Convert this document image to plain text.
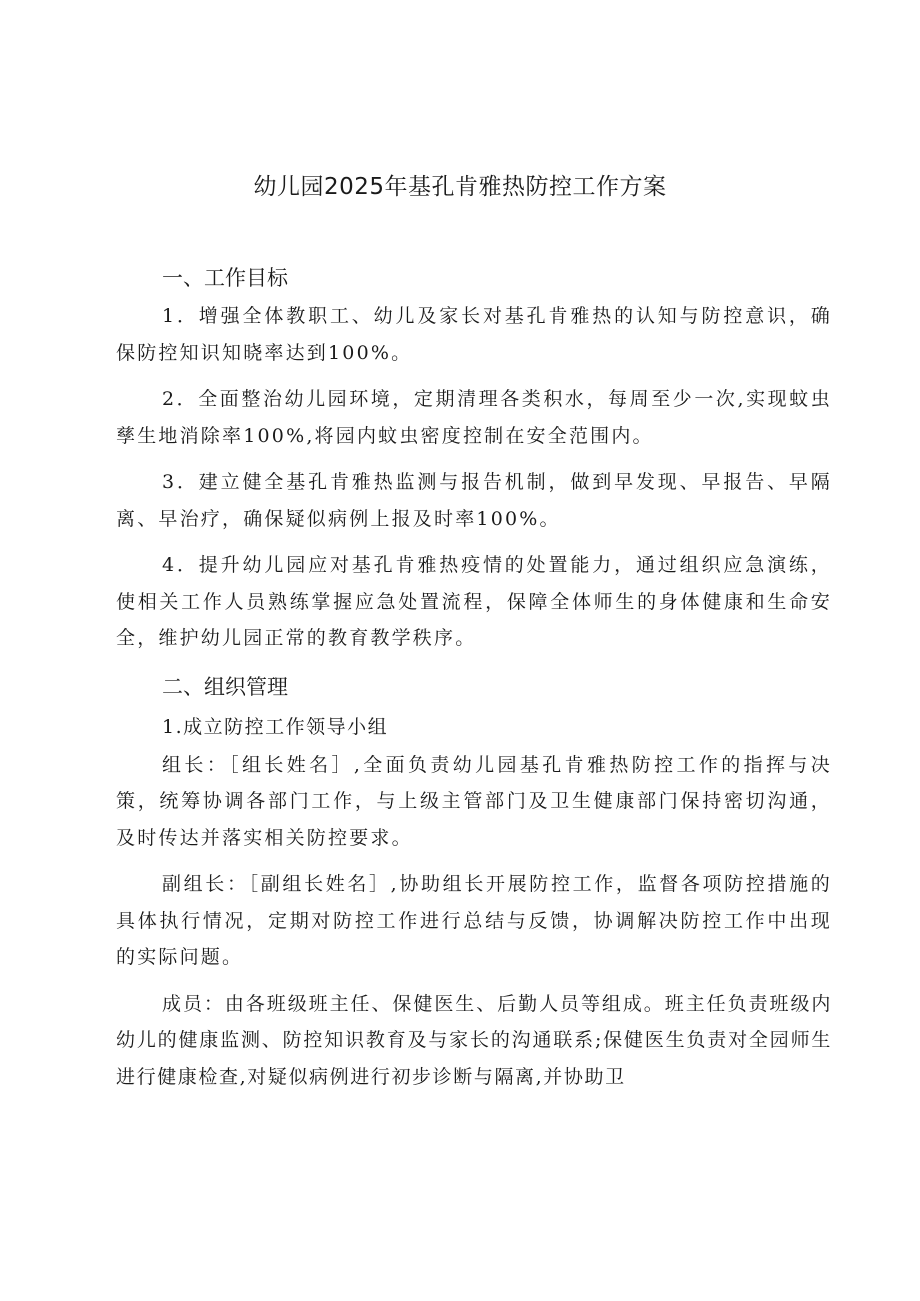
幼儿园2025年基孔肯雅热防控工作方案
一、工作目标

1．增强全体教职工、幼儿及家长对基孔肯雅热的认知与防控意识，确保防控知识知晓率达到100%。

2．全面整治幼儿园环境，定期清理各类积水，每周至少一次,实现蚊虫孳生地消除率100%,将园内蚊虫密度控制在安全范围内。

3．建立健全基孔肯雅热监测与报告机制，做到早发现、早报告、早隔离、早治疗，确保疑似病例上报及时率100%。

4．提升幼儿园应对基孔肯雅热疫情的处置能力，通过组织应急演练，使相关工作人员熟练掌握应急处置流程，保障全体师生的身体健康和生命安全，维护幼儿园正常的教育教学秩序。

二、组织管理

1.成立防控工作领导小组

组长：［组长姓名］,全面负责幼儿园基孔肯雅热防控工作的指挥与决策，统筹协调各部门工作，与上级主管部门及卫生健康部门保持密切沟通，及时传达并落实相关防控要求。

副组长：［副组长姓名］,协助组长开展防控工作，监督各项防控措施的具体执行情况，定期对防控工作进行总结与反馈，协调解决防控工作中出现的实际问题。

成员：由各班级班主任、保健医生、后勤人员等组成。班主任负责班级内幼儿的健康监测、防控知识教育及与家长的沟通联系;保健医生负责对全园师生进行健康检查,对疑似病例进行初步诊断与隔离,并协助卫
